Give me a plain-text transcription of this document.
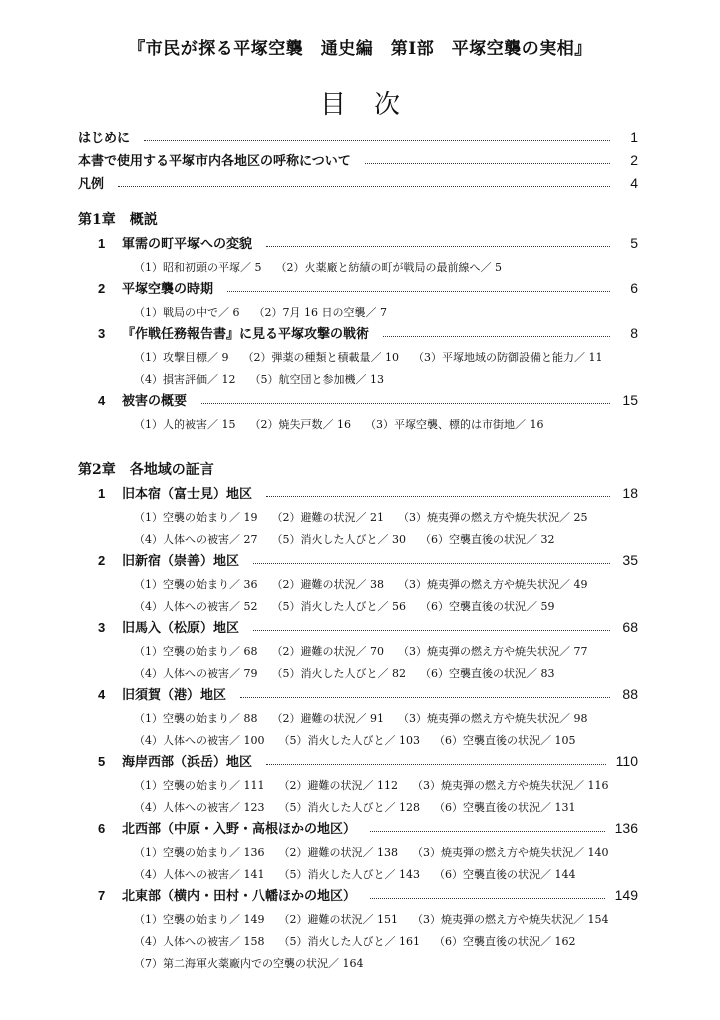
『市民が探る平塚空襲　通史編　第Ⅰ部　平塚空襲の実相』
目次
はじめに	1
本書で使用する平塚市内各地区の呼称について	2
凡例	4
第1章 概説
1 軍需の町平塚への変貌	5
（1）昭和初頭の平塚／ 5 （2）火薬廠と紡績の町が戦局の最前線へ／ 5
2 平塚空襲の時期	6
（1）戦局の中で／ 6 （2）7月 16 日の空襲／ 7
3 『作戦任務報告書』に見る平塚攻撃の戦術	8
（1）攻撃目標／ 9 （2）弾薬の種類と積載量／ 10 （3）平塚地域の防御設備と能力／ 11
（4）損害評価／ 12 （5）航空団と参加機／ 13
4 被害の概要	15
（1）人的被害／ 15 （2）焼失戸数／ 16 （3）平塚空襲、標的は市街地／ 16
第2章 各地域の証言
1 旧本宿（富士見）地区	18
（1）空襲の始まり／ 19 （2）避難の状況／ 21 （3）焼夷弾の燃え方や焼失状況／ 25
（4）人体への被害／ 27 （5）消火した人びと／ 30 （6）空襲直後の状況／ 32
2 旧新宿（崇善）地区	35
（1）空襲の始まり／ 36 （2）避難の状況／ 38 （3）焼夷弾の燃え方や焼失状況／ 49
（4）人体への被害／ 52 （5）消火した人びと／ 56 （6）空襲直後の状況／ 59
3 旧馬入（松原）地区	68
（1）空襲の始まり／ 68 （2）避難の状況／ 70 （3）焼夷弾の燃え方や焼失状況／ 77
（4）人体への被害／ 79 （5）消火した人びと／ 82 （6）空襲直後の状況／ 83
4 旧須賀（港）地区	88
（1）空襲の始まり／ 88 （2）避難の状況／ 91 （3）焼夷弾の燃え方や焼失状況／ 98
（4）人体への被害／ 100 （5）消火した人びと／ 103 （6）空襲直後の状況／ 105
5 海岸西部（浜岳）地区	110
（1）空襲の始まり／ 111 （2）避難の状況／ 112 （3）焼夷弾の燃え方や焼失状況／ 116
（4）人体への被害／ 123 （5）消火した人びと／ 128 （6）空襲直後の状況／ 131
6 北西部（中原・入野・高根ほかの地区）	136
（1）空襲の始まり／ 136 （2）避難の状況／ 138 （3）焼夷弾の燃え方や焼失状況／ 140
（4）人体への被害／ 141 （5）消火した人びと／ 143 （6）空襲直後の状況／ 144
7 北東部（横内・田村・八幡ほかの地区）	149
（1）空襲の始まり／ 149 （2）避難の状況／ 151 （3）焼夷弾の燃え方や焼失状況／ 154
（4）人体への被害／ 158 （5）消火した人びと／ 161 （6）空襲直後の状況／ 162
（7）第二海軍火薬廠内での空襲の状況／ 164
